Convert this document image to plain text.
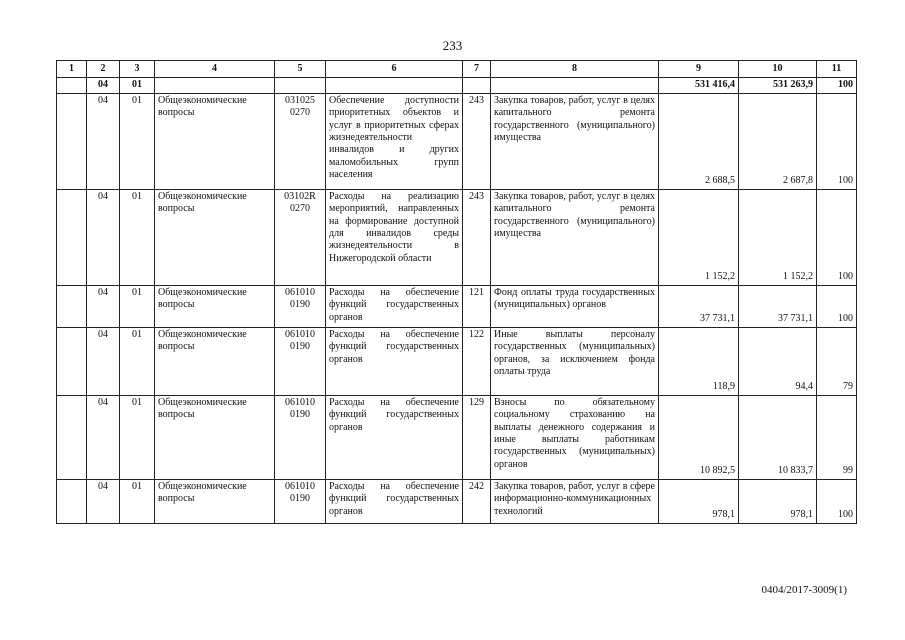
233
1	2	3	4	5	6	7	8	9	10	11
	04	01						531 416,4	531 263,9	100
	04	01	Общеэкономические вопросы	031025 0270	Обеспечение доступности приоритетных объектов и услуг в приоритетных сферах жизнедеятельности инвалидов и других маломобильных групп населения	243	Закупка товаров, работ, услуг в целях капитального ремонта государственного (муниципального) имущества	2 688,5	2 687,8	100
	04	01	Общеэкономические вопросы	03102R 0270	Расходы на реализацию мероприятий, направленных на формирование доступной для инвалидов среды жизнедеятельности в Нижегородской области	243	Закупка товаров, работ, услуг в целях капитального ремонта государственного (муниципального) имущества	1 152,2	1 152,2	100
	04	01	Общеэкономические вопросы	061010 0190	Расходы на обеспечение функций государственных органов	121	Фонд оплаты труда государственных (муниципальных) органов	37 731,1	37 731,1	100
	04	01	Общеэкономические вопросы	061010 0190	Расходы на обеспечение функций государственных органов	122	Иные выплаты персоналу государственных (муниципальных) органов, за исключением фонда оплаты труда	118,9	94,4	79
	04	01	Общеэкономические вопросы	061010 0190	Расходы на обеспечение функций государственных органов	129	Взносы по обязательному социальному страхованию на выплаты денежного содержания и иные выплаты работникам государственных (муниципальных) органов	10 892,5	10 833,7	99
	04	01	Общеэкономические вопросы	061010 0190	Расходы на обеспечение функций государственных органов	242	Закупка товаров, работ, услуг в сфере информационно-коммуникационных технологий	978,1	978,1	100
0404/2017-3009(1)
